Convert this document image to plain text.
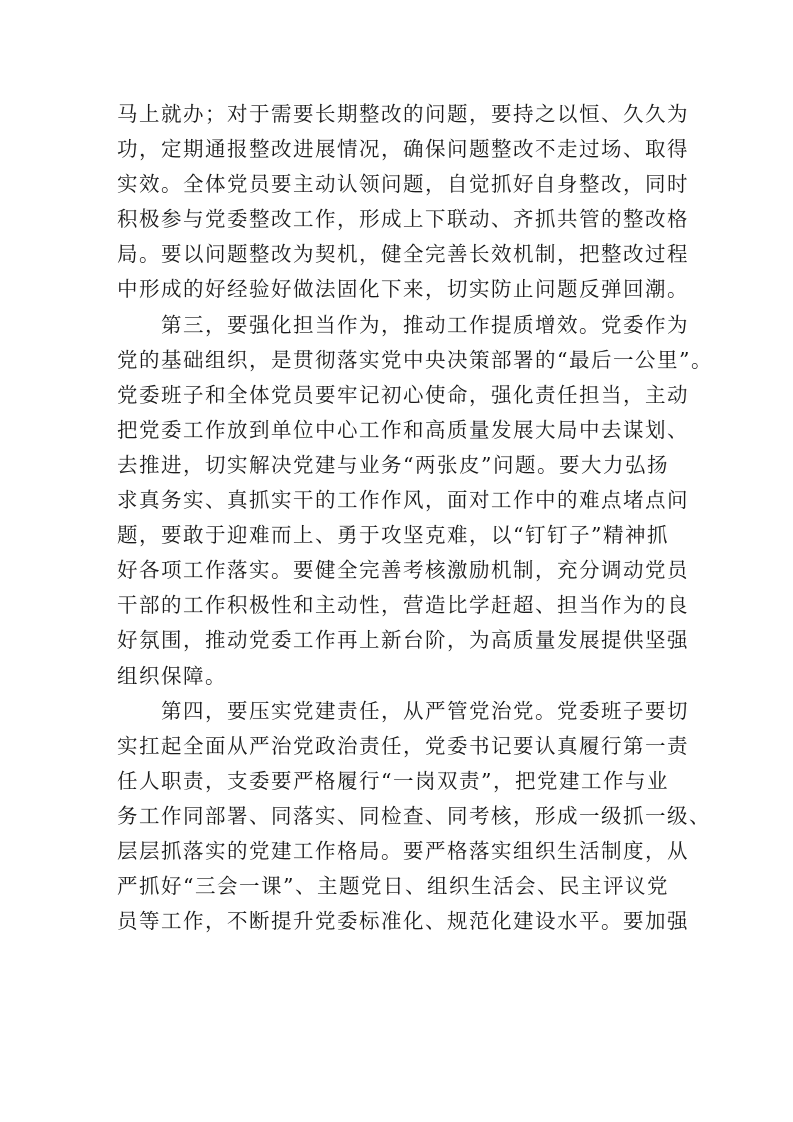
马上就办；对于需要长期整改的问题，要持之以恒、久久为
功，定期通报整改进展情况，确保问题整改不走过场、取得
实效。全体党员要主动认领问题，自觉抓好自身整改，同时
积极参与党委整改工作，形成上下联动、齐抓共管的整改格
局。要以问题整改为契机，健全完善长效机制，把整改过程
中形成的好经验好做法固化下来，切实防止问题反弹回潮。
第三，要强化担当作为，推动工作提质增效。党委作为
党的基础组织，是贯彻落实党中央决策部署的“最后一公里”。
党委班子和全体党员要牢记初心使命，强化责任担当，主动
把党委工作放到单位中心工作和高质量发展大局中去谋划、
去推进，切实解决党建与业务“两张皮”问题。要大力弘扬
求真务实、真抓实干的工作作风，面对工作中的难点堵点问
题，要敢于迎难而上、勇于攻坚克难，以“钉钉子”精神抓
好各项工作落实。要健全完善考核激励机制，充分调动党员
干部的工作积极性和主动性，营造比学赶超、担当作为的良
好氛围，推动党委工作再上新台阶，为高质量发展提供坚强
组织保障。
第四，要压实党建责任，从严管党治党。党委班子要切
实扛起全面从严治党政治责任，党委书记要认真履行第一责
任人职责，支委要严格履行“一岗双责”，把党建工作与业
务工作同部署、同落实、同检查、同考核，形成一级抓一级、
层层抓落实的党建工作格局。要严格落实组织生活制度，从
严抓好“三会一课”、主题党日、组织生活会、民主评议党
员等工作，不断提升党委标准化、规范化建设水平。要加强
